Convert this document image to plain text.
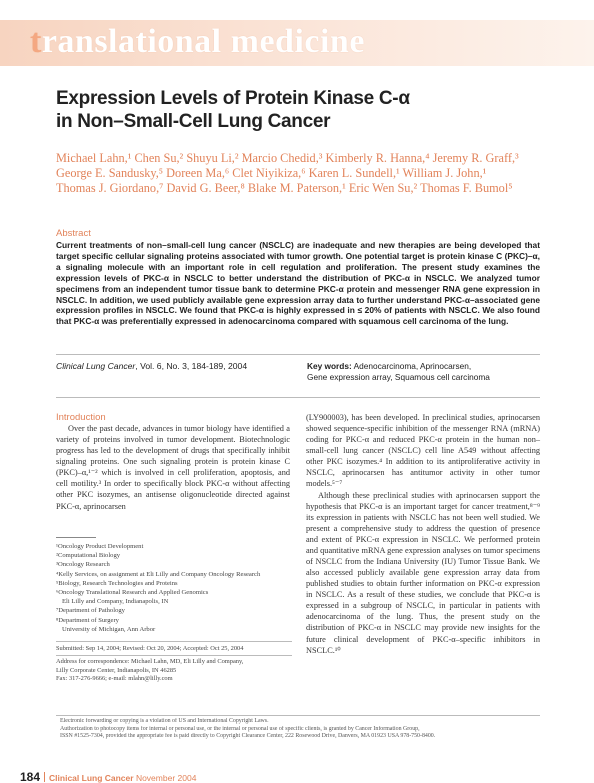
translational medicine
Expression Levels of Protein Kinase C-α
in Non–Small-Cell Lung Cancer
Michael Lahn,¹ Chen Su,² Shuyu Li,² Marcio Chedid,³ Kimberly R. Hanna,⁴ Jeremy R. Graff,³
George E. Sandusky,⁵ Doreen Ma,⁶ Clet Niyikiza,⁶ Karen L. Sundell,¹ William J. John,¹
Thomas J. Giordano,⁷ David G. Beer,⁸ Blake M. Paterson,¹ Eric Wen Su,² Thomas F. Bumol⁵
Abstract
Current treatments of non–small-cell lung cancer (NSCLC) are inadequate and new therapies are being developed that target specific cellular signaling proteins associated with tumor growth. One potential target is protein kinase C (PKC)–α, a signaling molecule with an important role in cell regulation and proliferation. The present study examines the expression levels of PKC-α in NSCLC to better understand the distribution of PKC-α in NSCLC. We analyzed tumor specimens from an independent tumor tissue bank to determine PKC-α protein and messenger RNA gene expression in NSCLC. In addition, we used publicly available gene expression array data to further understand PKC-α–associated gene expression profiles in NSCLC. We found that PKC-α is highly expressed in ≤ 20% of patients with NSCLC. We also found that PKC-α was preferentially expressed in adenocarcinoma compared with squamous cell carcinoma of the lung.
Clinical Lung Cancer, Vol. 6, No. 3, 184-189, 2004	Key words: Adenocarcinoma, Aprinocarsen,
Gene expression array, Squamous cell carcinoma
Introduction

Over the past decade, advances in tumor biology have identified a variety of proteins involved in tumor development. Biotechnologic progress has led to the development of drugs that specifically inhibit signaling proteins. One such signaling protein is protein kinase C (PKC)–α,¹⁻² which is involved in cell proliferation, apoptosis, and cell motility.³ In order to specifically block PKC-α without affecting other PKC isozymes, an antisense oligonucleotide directed against PKC-α, aprinocarsen

(LY900003), has been developed. In preclinical studies, aprinocarsen showed sequence-specific inhibition of the messenger RNA (mRNA) coding for PKC-α and reduced PKC-α protein in the human non–small-cell lung cancer (NSCLC) cell line A549 without affecting other PKC isozymes.⁴ In addition to its antiproliferative activity in NSCLC, aprinocarsen has antitumor activity in other tumor models.⁵⁻⁷

Although these preclinical studies with aprinocarsen support the hypothesis that PKC-α is an important target for cancer treatment,⁸⁻⁹ its expression in patients with NSCLC has not been well studied. We present a comprehensive study to address the question of presence and extent of PKC-α expression in NSCLC. We performed protein and quantitative mRNA gene expression analyses on tumor specimens of NSCLC from the Indiana University (IU) Tumor Tissue Bank. We also accessed publicly available gene expression array data from published studies to obtain further information on PKC-α expression in NSCLC. As a result of these studies, we conclude that PKC-α is expressed in a subgroup of NSCLC, in particular in patients with adenocarcinoma of the lung. Thus, the present study on the distribution of PKC-α in NSCLC may provide new insights for the future clinical development of PKC-α–specific inhibitors in NSCLC.¹⁰

¹Oncology Product Development
²Computational Biology
³Oncology Research
⁴Kelly Services, on assignment at Eli Lilly and Company Oncology Research
⁵Biology, Research Technologies and Proteins
⁶Oncology Translational Research and Applied Genomics
Eli Lilly and Company, Indianapolis, IN
⁷Department of Pathology
⁸Department of Surgery
University of Michigan, Ann Arbor
Submitted: Sep 14, 2004; Revised: Oct 20, 2004; Accepted: Oct 25, 2004
Address for correspondence: Michael Lahn, MD, Eli Lilly and Company,
Lilly Corporate Center, Indianapolis, IN 46285
Fax: 317-276-9666; e-mail: mlahn@lilly.com
Electronic forwarding or copying is a violation of US and International Copyright Laws.
Authorization to photocopy items for internal or personal use, or the internal or personal use of specific clients, is granted by Cancer Information Group,
ISSN #1525-7304, provided the appropriate fee is paid directly to Copyright Clearance Center, 222 Rosewood Drive, Danvers, MA 01923 USA 978-750-8400.
184 Clinical Lung Cancer November 2004
